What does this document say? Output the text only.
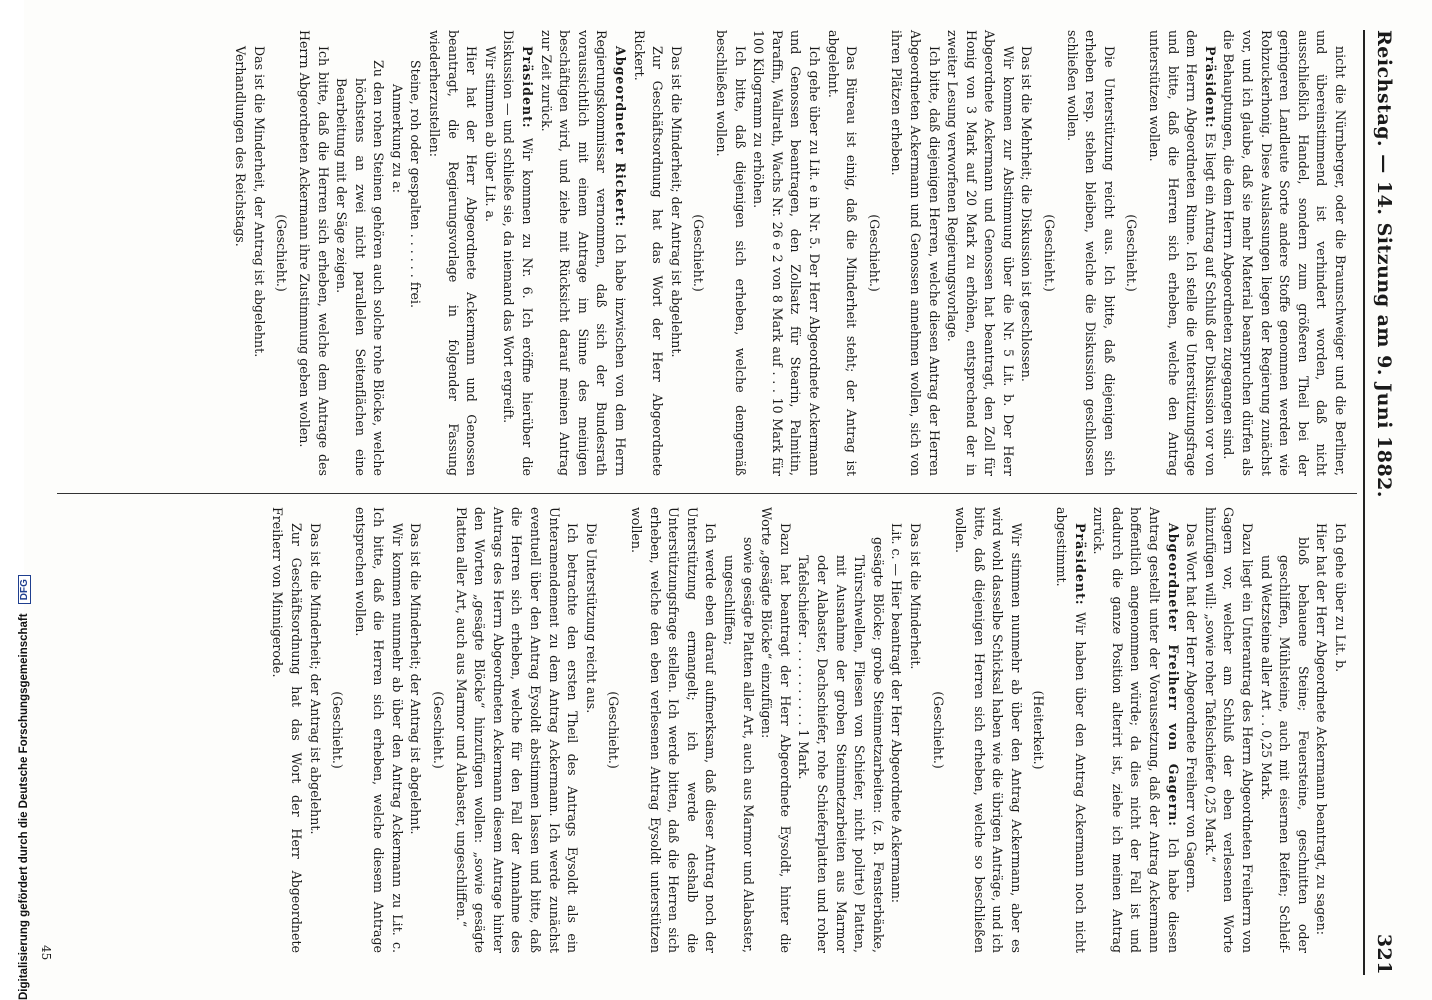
Reichstag. — 14. Sitzung am 9. Juni 1882.
321

nicht die Nürnberger, oder die Braunschweiger und die Berliner, und übereinstimmend ist verhindert worden, daß nicht ausschließlich Handel, sondern zum größeren Theil bei der geringeren Landleute Sorte andere Stoffe genommen werden wie Rohzuckerhonig. Diese Auslassungen liegen der Regierung zunächst vor, und ich glaube, daß sie mehr Material beanspruchen dürfen als die Behauptungen, die dem Herrn Abgeordneten zugegangen sind.

Präsident: Es liegt ein Antrag auf Schluß der Diskussion vor von dem Herrn Abgeordneten Rinne. Ich stelle die Unterstützungsfrage und bitte, daß die Herren sich erheben, welche den Antrag unterstützen wollen.

(Geschieht.)

Die Unterstützung reicht aus. Ich bitte, daß diejenigen sich erheben resp. stehen bleiben, welche die Diskussion geschlossen schließen wollen.

(Geschieht.)

Das ist die Mehrheit; die Diskussion ist geschlossen.

Wir kommen zur Abstimmung über die Nr. 5 Lit. b. Der Herr Abgeordnete Ackermann und Genossen hat beantragt, den Zoll für Honig von 3 Mark auf 20 Mark zu erhöhen, entsprechend der in zweiter Lesung verworfenen Regierungsvorlage.

Ich bitte, daß diejenigen Herren, welche diesen Antrag der Herren Abgeordneten Ackermann und Genossen annehmen wollen, sich von ihren Plätzen erheben.

(Geschieht.)

Das Büreau ist einig, daß die Minderheit steht; der Antrag ist abgelehnt.

Ich gehe über zu Lit. e in Nr. 5. Der Herr Abgeordnete Ackermann und Genossen beantragen, den Zollsatz für Stearin, Palmitin, Paraffin, Wallrath, Wachs Nr. 26 e 2 von 8 Mark auf . . . 10 Mark für 100 Kilogramm zu erhöhen.

Ich bitte, daß diejenigen sich erheben, welche demgemäß beschließen wollen.

(Geschieht.)

Das ist die Minderheit; der Antrag ist abgelehnt.

Zur Geschäftsordnung hat das Wort der Herr Abgeordnete Rickert.

Abgeordneter Rickert: Ich habe inzwischen von dem Herrn Regierungskommissar vernommen, daß sich der Bundesrath voraussichtlich mit einem Antrage im Sinne des meinigen beschäftigen wird, und ziehe mit Rücksicht darauf meinen Antrag zur Zeit zurück.

Präsident: Wir kommen zu Nr. 6. Ich eröffne hierüber die Diskussion — und schließe sie, da niemand das Wort ergreift.

Wir stimmen ab über Lit. a.

Hier hat der Herr Abgeordnete Ackermann und Genossen beantragt, die Regierungsvorlage in folgender Fassung wiederherzustellen:

Steine, roh oder gespalten . . . . . . frei.

Anmerkung zu a:

Zu den rohen Steinen gehören auch solche rohe Blöcke, welche höchstens an zwei nicht parallelen Seitenflächen eine Bearbeitung mit der Säge zeigen.

Ich bitte, daß die Herren sich erheben, welche dem Antrage des Herrn Abgeordneten Ackermann ihre Zustimmung geben wollen.

(Geschieht.)

Das ist die Minderheit, der Antrag ist abgelehnt.

Verhandlungen des Reichstags.

Ich gehe über zu Lit. b.

Hier hat der Herr Abgeordnete Ackermann beantragt, zu sagen:

bloß behauene Steine; Feuersteine, geschnitten oder geschliffen, Mühlsteine, auch mit eisernen Reifen; Schleif- und Wetzsteine aller Art . . 0,25 Mark.

Dazu liegt ein Unterantrag des Herrn Abgeordneten Freiherrn von Gagern vor, welcher am Schluß der eben verlesenen Worte hinzufügen will: „sowie roher Tafelschiefer 0,25 Mark.“

Das Wort hat der Herr Abgeordnete Freiherr von Gagern.

Abgeordneter Freiherr von Gagern: Ich habe diesen Antrag gestellt unter der Voraussetzung, daß der Antrag Ackermann hoffentlich angenommen würde; da dies nicht der Fall ist und dadurch die ganze Position alterirt ist, ziehe ich meinen Antrag zurück.

Präsident: Wir haben über den Antrag Ackermann noch nicht abgestimmt.

(Heiterkeit.)

Wir stimmen nunmehr ab über den Antrag Ackermann, aber es wird wohl dasselbe Schicksal haben wie die übrigen Anträge, und ich bitte, daß diejenigen Herren sich erheben, welche so beschließen wollen.

(Geschieht.)

Das ist die Minderheit.

Lit. c. — Hier beantragt der Herr Abgeordnete Ackermann:

gesägte Blöcke; grobe Steinmetzarbeiten: (z. B. Fensterbänke, Thürschwellen, Fliesen von Schiefer, nicht polirte) Platten, mit Ausnahme der groben Steinmetzarbeiten aus Marmor oder Alabaster, Dachschiefer, rohe Schieferplatten und roher Tafelschiefer . . . . . . . . . . . 1 Mark.

Dazu hat beantragt der Herr Abgeordnete Eysoldt, hinter die Worte „gesägte Blöcke“ einzufügen:

sowie gesägte Platten aller Art, auch aus Marmor und Alabaster, ungeschliffen;

Ich werde eben darauf aufmerksam, daß dieser Antrag noch der Unterstützung ermangelt; ich werde deshalb die Unterstützungsfrage stellen. Ich werde bitten, daß die Herren sich erheben, welche den eben verlesenen Antrag Eysoldt unterstützen wollen.

(Geschieht.)

Die Unterstützung reicht aus.

Ich betrachte den ersten Theil des Antrags Eysoldt als ein Unteramendement zu dem Antrag Ackermann. Ich werde zunächst eventuell über den Antrag Eysoldt abstimmen lassen und bitte, daß die Herren sich erheben, welche für den Fall der Annahme des Antrags des Herrn Abgeordneten Ackermann diesem Antrage hinter den Worten „gesägte Blöcke“ hinzufügen wollen: „sowie gesägte Platten aller Art, auch aus Marmor und Alabaster, ungeschliffen.“

(Geschieht.)

Das ist die Minderheit; der Antrag ist abgelehnt.

Wir kommen nunmehr ab über den Antrag Ackermann zu Lit. c. Ich bitte, daß die Herren sich erheben, welche diesem Antrage entsprechen wollen.

(Geschieht.)

Das ist die Minderheit; der Antrag ist abgelehnt.

Zur Geschäftsordnung hat das Wort der Herr Abgeordnete Freiherr von Minnigerode.

45
Digitalisierung gefördert durch die Deutsche Forschungsgemeinschaft DFG
